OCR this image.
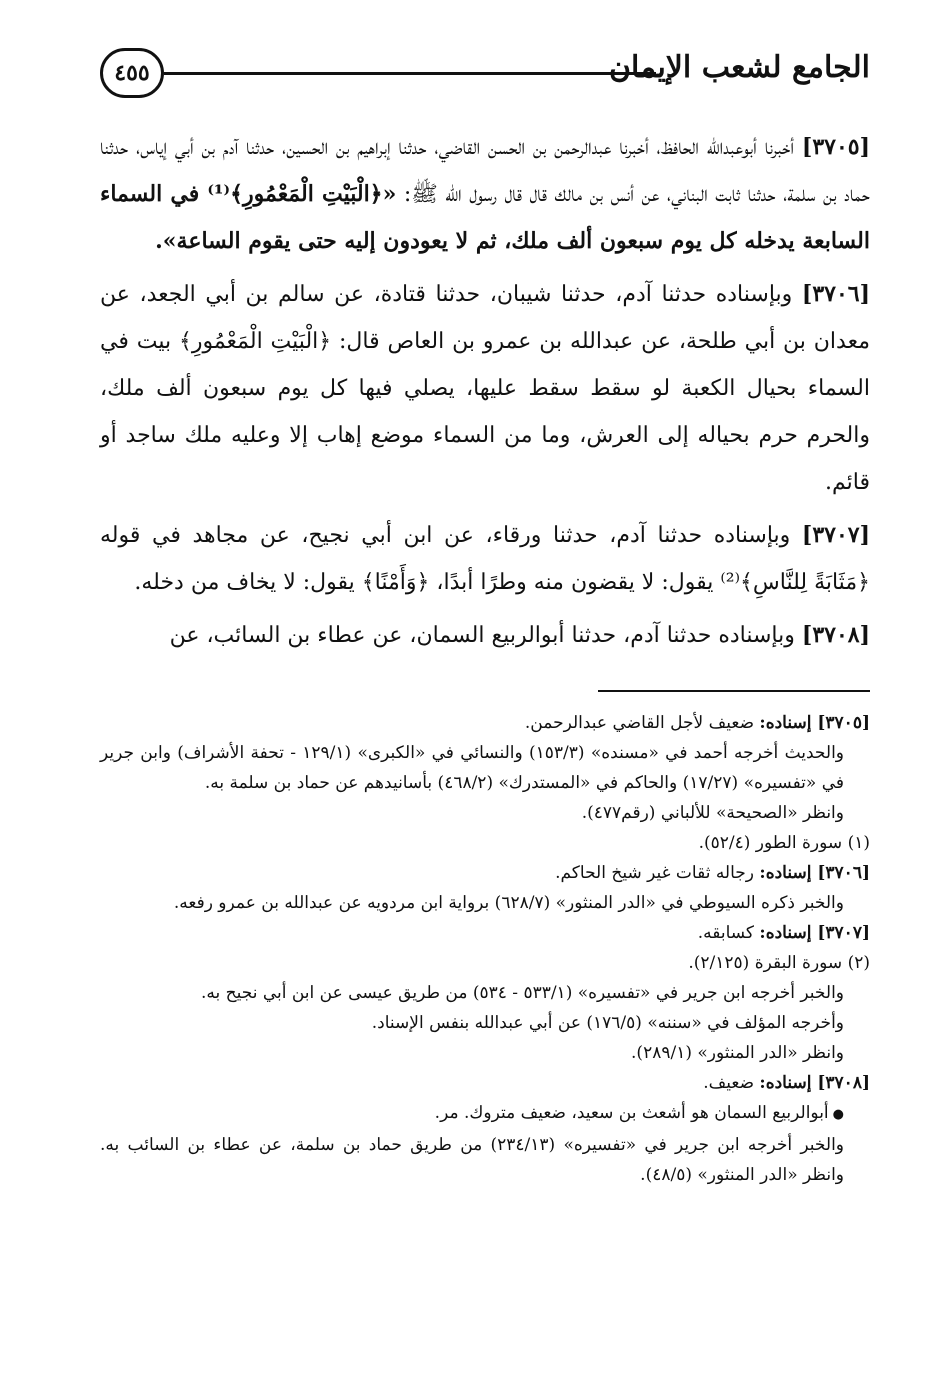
٤٥٥	الجامع لشعب الإيمان

[٣٧٠٥] أخبرنا أبوعبدالله الحافظ، أخبرنا عبدالرحمن بن الحسن القاضي، حدثنا إبراهيم بن الحسين، حدثنا آدم بن أبي إياس، حدثنا حماد بن سلمة، حدثنا ثابت البناني، عن أنس بن مالك قال قال رسول الله ﷺ: «﴿الْبَيْتِ الْمَعْمُورِ﴾⁽¹⁾ في السماء السابعة يدخله كل يوم سبعون ألف ملك، ثم لا يعودون إليه حتى يقوم الساعة».

[٣٧٠٦] وبإسناده حدثنا آدم، حدثنا شيبان، حدثنا قتادة، عن سالم بن أبي الجعد، عن معدان بن أبي طلحة، عن عبدالله بن عمرو بن العاص قال: ﴿الْبَيْتِ الْمَعْمُورِ﴾ بيت في السماء بحيال الكعبة لو سقط سقط عليها، يصلي فيها كل يوم سبعون ألف ملك، والحرم حرم بحياله إلى العرش، وما من السماء موضع إهاب إلا وعليه ملك ساجد أو قائم.

[٣٧٠٧] وبإسناده حدثنا آدم، حدثنا ورقاء، عن ابن أبي نجيح، عن مجاهد في قوله ﴿مَثَابَةً لِلنَّاسِ﴾⁽²⁾ يقول: لا يقضون منه وطرًا أبدًا، ﴿وَأَمْنًا﴾ يقول: لا يخاف من دخله.

[٣٧٠٨] وبإسناده حدثنا آدم، حدثنا أبوالربيع السمان، عن عطاء بن السائب، عن

[٣٧٠٥] إسناده: ضعيف لأجل القاضي عبدالرحمن.

والحديث أخرجه أحمد في «مسنده» (١٥٣/٣) والنسائي في «الكبرى» (١٢٩/١ - تحفة الأشراف) وابن جرير في «تفسيره» (١٧/٢٧) والحاكم في «المستدرك» (٤٦٨/٢) بأسانيدهم عن حماد بن سلمة به.

وانظر «الصحيحة» للألباني (رقم٤٧٧).

(١) سورة الطور (٥٢/٤).

[٣٧٠٦] إسناده: رجاله ثقات غير شيخ الحاكم.

والخبر ذكره السيوطي في «الدر المنثور» (٦٢٨/٧) برواية ابن مردويه عن عبدالله بن عمرو رفعه.

[٣٧٠٧] إسناده: كسابقه.

(٢) سورة البقرة (٢/١٢٥).

والخبر أخرجه ابن جرير في «تفسيره» (٥٣٣/١ - ٥٣٤) من طريق عيسى عن ابن أبي نجيح به.

وأخرجه المؤلف في «سننه» (١٧٦/٥) عن أبي عبدالله بنفس الإسناد.

وانظر «الدر المنثور» (٢٨٩/١).

[٣٧٠٨] إسناده: ضعيف.

●أبوالربيع السمان هو أشعث بن سعيد، ضعيف متروك. مر.

والخبر أخرجه ابن جرير في «تفسيره» (٢٣٤/١٣) من طريق حماد بن سلمة، عن عطاء بن السائب به. وانظر «الدر المنثور» (٤٨/٥).
